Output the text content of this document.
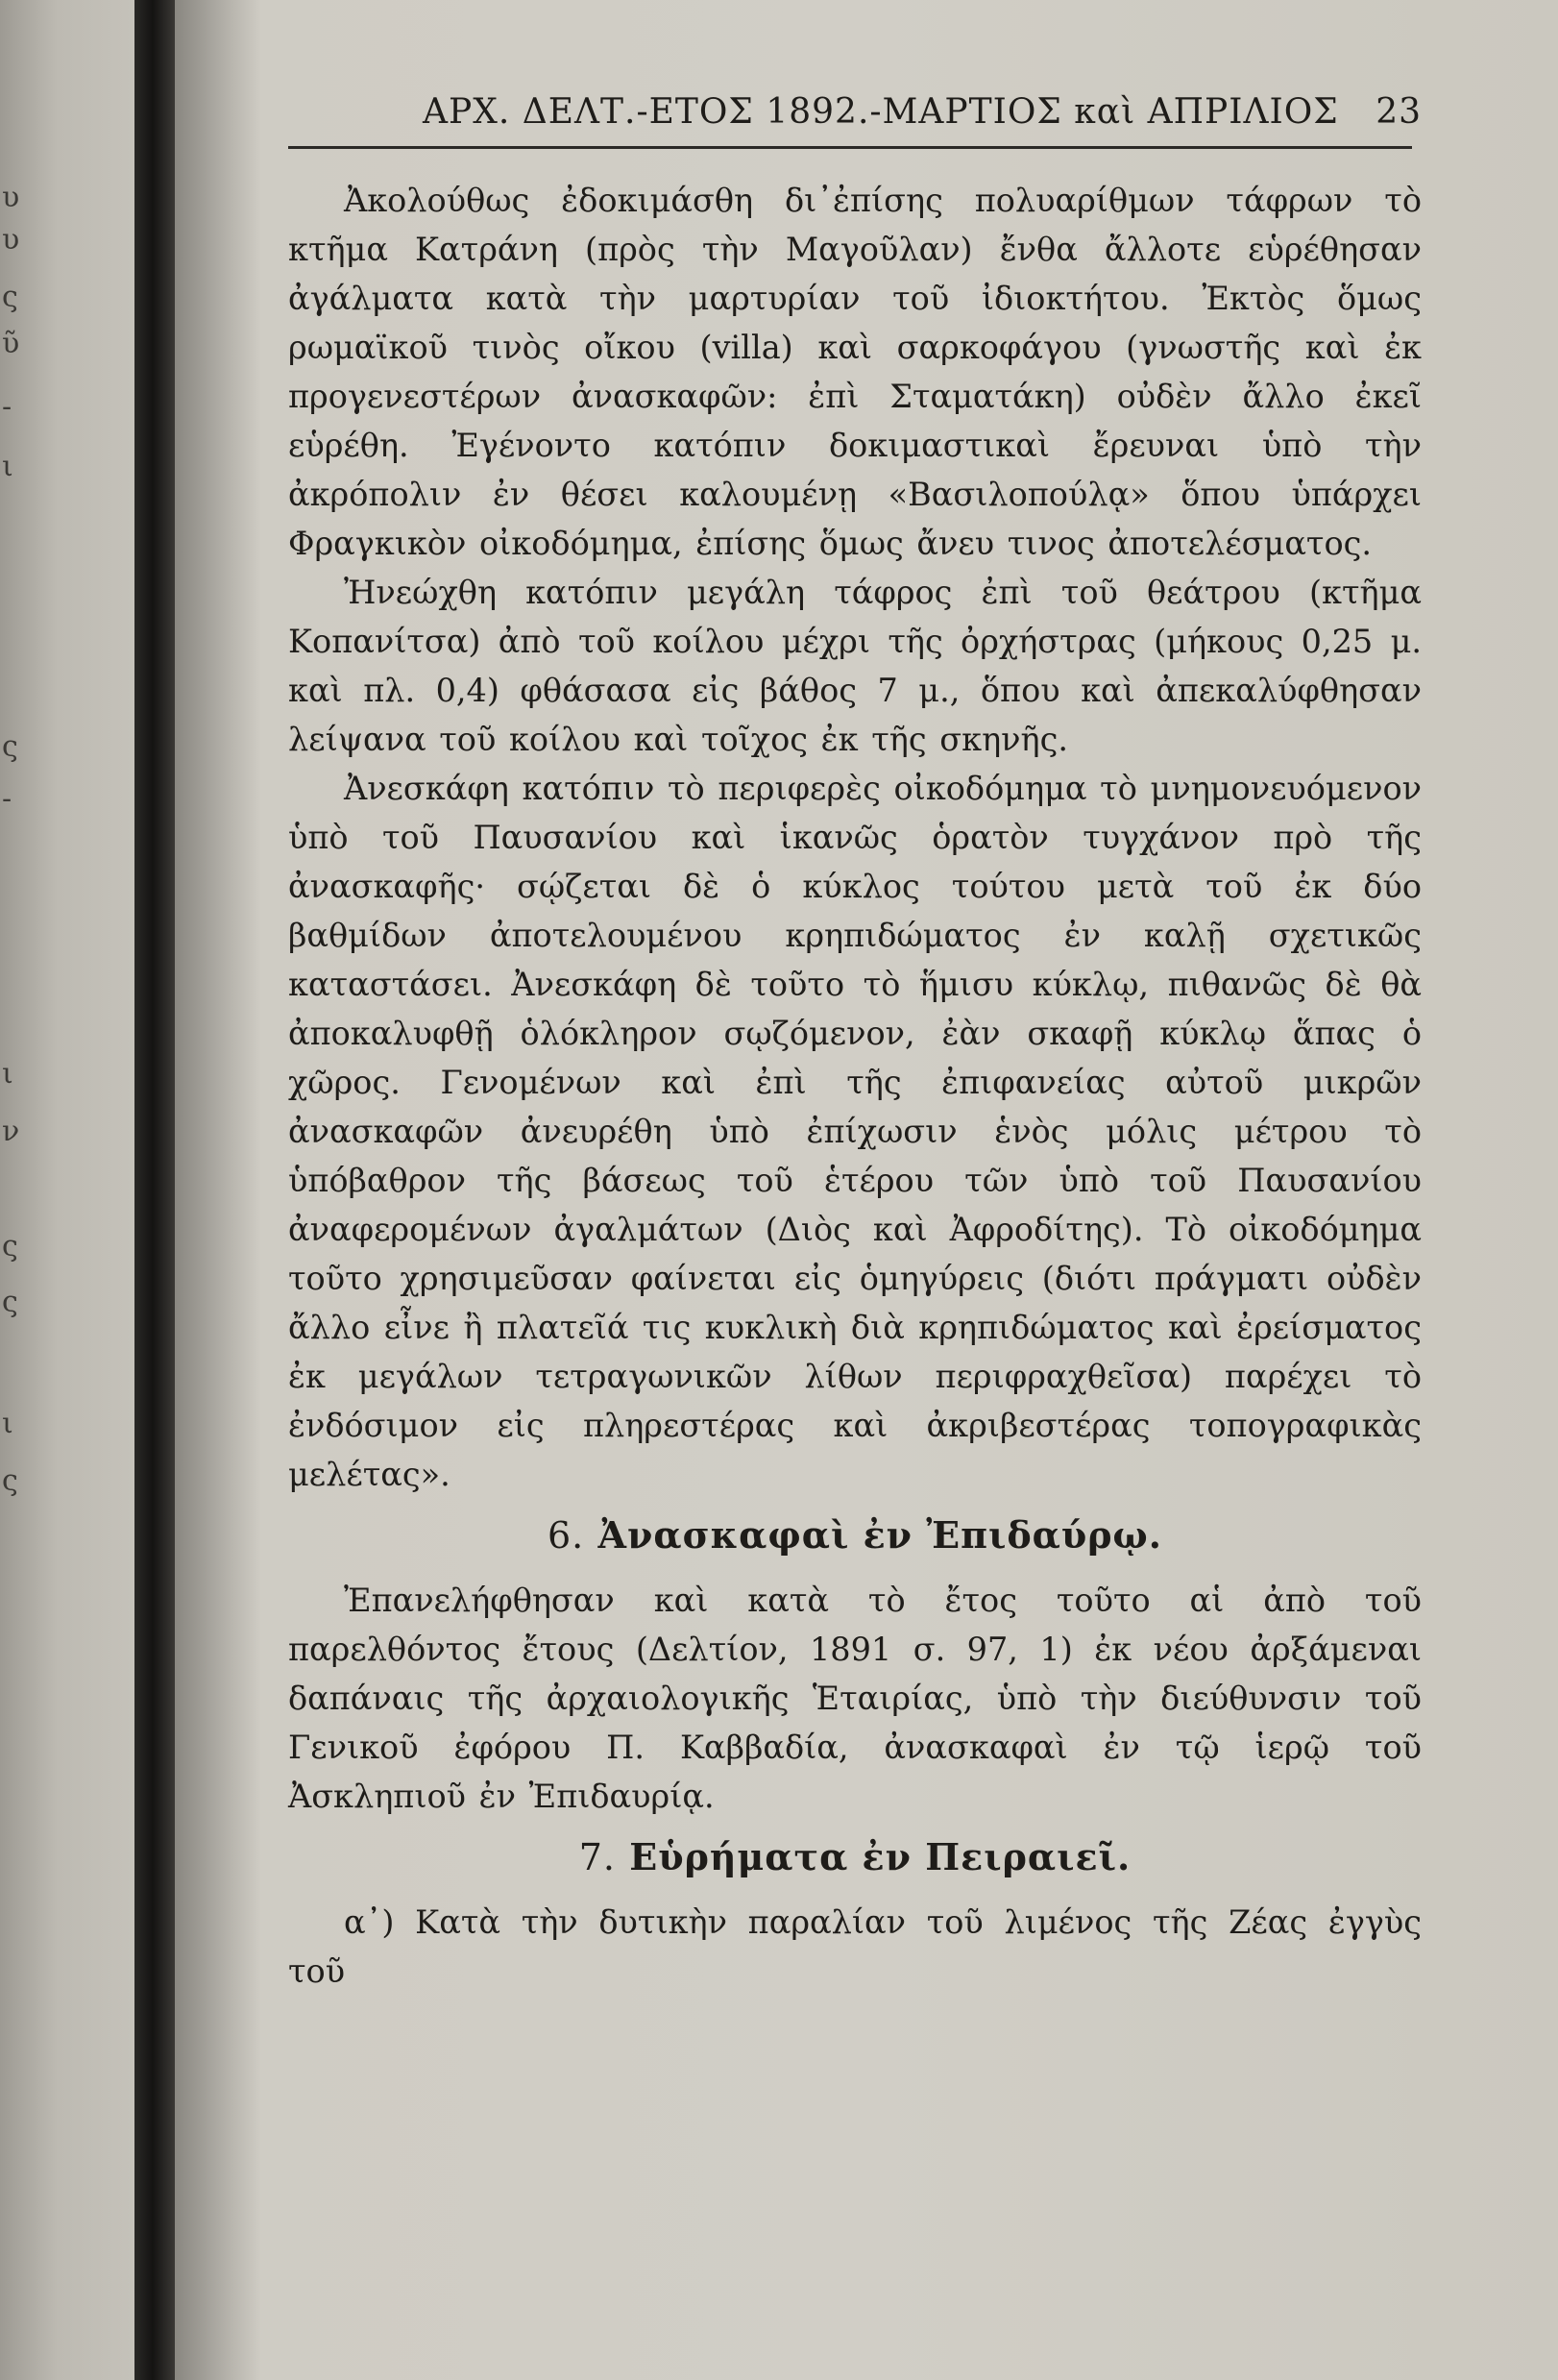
υ
υ
ς
ῦ
-
ι
ς
-
ι
ν
ς
ς
ι
ς
ΑΡΧ. ΔΕΛΤ.-ΕΤΟΣ 1892.-ΜΑΡΤΙΟΣ καὶ ΑΠΡΙΛΙΟΣ 23

Ἀκολούθως ἐδοκιμάσθη δι᾽ἐπίσης πολυαρίθμων τάφρων τὸ κτῆμα Κατράνη (πρὸς τὴν Μαγοῦλαν) ἔνθα ἄλλοτε εὑρέθησαν ἀγάλματα κατὰ τὴν μαρτυρίαν τοῦ ἰδιοκτήτου. Ἐκτὸς ὅμως ρωμαϊκοῦ τινὸς οἴκου (villa) καὶ σαρκοφάγου (γνωστῆς καὶ ἐκ προγενεστέρων ἀνασκαφῶν: ἐπὶ Σταματάκη) οὐδὲν ἄλλο ἐκεῖ εὑρέθη. Ἐγένοντο κατόπιν δοκιμαστικαὶ ἔρευναι ὑπὸ τὴν ἀκρόπολιν ἐν θέσει καλουμένῃ «Βασιλοπούλᾳ» ὅπου ὑπάρχει Φραγκικὸν οἰκοδόμημα, ἐπίσης ὅμως ἄνευ τινος ἀποτελέσματος.

Ἠνεώχθη κατόπιν μεγάλη τάφρος ἐπὶ τοῦ θεάτρου (κτῆμα Κοπανίτσα) ἀπὸ τοῦ κοίλου μέχρι τῆς ὀρχήστρας (μήκους 0,25 μ. καὶ πλ. 0,4) φθάσασα εἰς βάθος 7 μ., ὅπου καὶ ἀπεκαλύφθησαν λείψανα τοῦ κοίλου καὶ τοῖχος ἐκ τῆς σκηνῆς.

Ἀνεσκάφη κατόπιν τὸ περιφερὲς οἰκοδόμημα τὸ μνημονευόμενον ὑπὸ τοῦ Παυσανίου καὶ ἱκανῶς ὁρατὸν τυγχάνον πρὸ τῆς ἀνασκαφῆς· σῴζεται δὲ ὁ κύκλος τούτου μετὰ τοῦ ἐκ δύο βαθμίδων ἀποτελουμένου κρηπιδώματος ἐν καλῇ σχετικῶς καταστάσει. Ἀνεσκάφη δὲ τοῦτο τὸ ἥμισυ κύκλῳ, πιθανῶς δὲ θὰ ἀποκαλυφθῇ ὁλόκληρον σῳζόμενον, ἐὰν σκαφῇ κύκλῳ ἅπας ὁ χῶρος. Γενομένων καὶ ἐπὶ τῆς ἐπιφανείας αὐτοῦ μικρῶν ἀνασκαφῶν ἀνευρέθη ὑπὸ ἐπίχωσιν ἑνὸς μόλις μέτρου τὸ ὑπόβαθρον τῆς βάσεως τοῦ ἑτέρου τῶν ὑπὸ τοῦ Παυσανίου ἀναφερομένων ἀγαλμάτων (Διὸς καὶ Ἀφροδίτης). Τὸ οἰκοδόμημα τοῦτο χρησιμεῦσαν φαίνεται εἰς ὁμηγύρεις (διότι πράγματι οὐδὲν ἄλλο εἶνε ἢ πλατεῖά τις κυκλικὴ διὰ κρηπιδώματος καὶ ἐρείσματος ἐκ μεγάλων τετραγωνικῶν λίθων περιφραχθεῖσα) παρέχει τὸ ἐνδόσιμον εἰς πληρεστέρας καὶ ἀκριβεστέρας τοπογραφικὰς μελέτας».

6. Ἀνασκαφαὶ ἐν Ἐπιδαύρῳ.

Ἐπανελήφθησαν καὶ κατὰ τὸ ἔτος τοῦτο αἱ ἀπὸ τοῦ παρελθόντος ἔτους (Δελτίον, 1891 σ. 97, 1) ἐκ νέου ἀρξάμεναι δαπάναις τῆς ἀρχαιολογικῆς Ἑταιρίας, ὑπὸ τὴν διεύθυνσιν τοῦ Γενικοῦ ἐφόρου Π. Καββαδία, ἀνασκαφαὶ ἐν τῷ ἱερῷ τοῦ Ἀσκληπιοῦ ἐν Ἐπιδαυρίᾳ.

7. Εὑρήματα ἐν Πειραιεῖ.

α᾽) Κατὰ τὴν δυτικὴν παραλίαν τοῦ λιμένος τῆς Ζέας ἐγγὺς τοῦ
